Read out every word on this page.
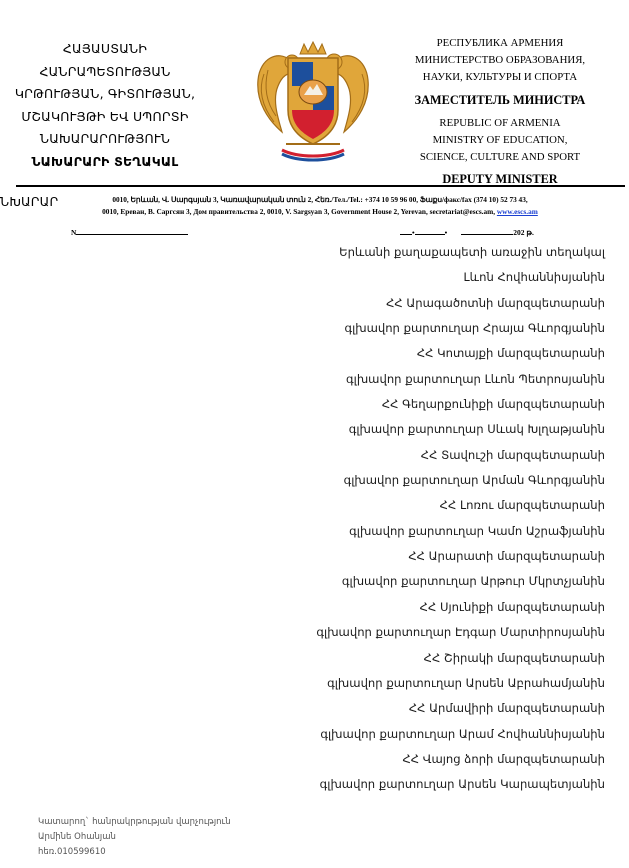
ՀԱՅԱՍՏԱՆԻ ՀԱՆՐԱՊԵՏՈՒԹՅԱՆ
ԿՐԹՈՒԹՅԱՆ, ԳԻՏՈՒԹՅԱՆ,
ՄՇԱԿՈՒՅԹԻ ԵՎ ՍՊՈՐՏԻ
ՆԱԽԱՐԱՐՈՒԹՅՈՒՆ
ՆԱԽԱՐԱՐԻ ՏԵՂԱԿԱԼ
РЕСПУБЛИКА АРМЕНИЯ
МИНИСТЕРСТВО ОБРАЗОВАНИЯ,
НАУКИ, КУЛЬТУРЫ И СПОРТА
ЗАМЕСТИТЕЛЬ МИНИСТРА
REPUBLIC OF ARMENIA
MINISTRY OF EDUCATION,
SCIENCE, CULTURE AND SPORT
DEPUTY MINISTER
ՆԽԱՐԱՐ	0010, Երևան, Վ. Սարգսյան 3, Կառավարական տուն 2, Հեռ./Тел./Tel.: +374 10 59 96 00, Ֆաքս/факс/fax (374 10) 52 73 43,
0010, Ереван, В. Саргсян 3, Дом правительства 2, 0010, V. Sargsyan 3, Government House 2, Yerevan, secretariat@escs.am, www.escs.am
N	•	•	202 թ.
Երևանի քաղաքապետի առաջին տեղակալ
Լևոն Հովհաննիսյանին
ՀՀ Արագածոտնի մարզպետարանի
գլխավոր քարտուղար Հրայա Գևորգյանին
ՀՀ Կոտայքի մարզպետարանի
գլխավոր քարտուղար Լևոն Պետրոսյանին
ՀՀ Գեղարքունիքի մարզպետարանի
գլխավոր քարտուղար Սևակ Խլղաթյանին
ՀՀ Տավուշի մարզպետարանի
գլխավոր քարտուղար Արման Գևորգյանին
ՀՀ Լոռու մարզպետարանի
գլխավոր քարտուղար Կամո Աշրաֆյանին
ՀՀ Արարատի մարզպետարանի
գլխավոր քարտուղար Արթուր Մկրտչյանին
ՀՀ Սյունիքի մարզպետարանի
գլխավոր քարտուղար Էդգար Մարտիրոսյանին
ՀՀ Շիրակի մարզպետարանի
գլխավոր քարտուղար Արսեն Աբրահամյանին
ՀՀ Արմավիրի մարզպետարանի
գլխավոր քարտուղար Արամ Հովհաննիսյանին
ՀՀ Վայոց ձորի մարզպետարանի
գլխավոր քարտուղար Արսեն Կարապետյանին
Կատարող` հանրակրթության վարչություն
Արմինե Օհանյան
հեռ.010599610
